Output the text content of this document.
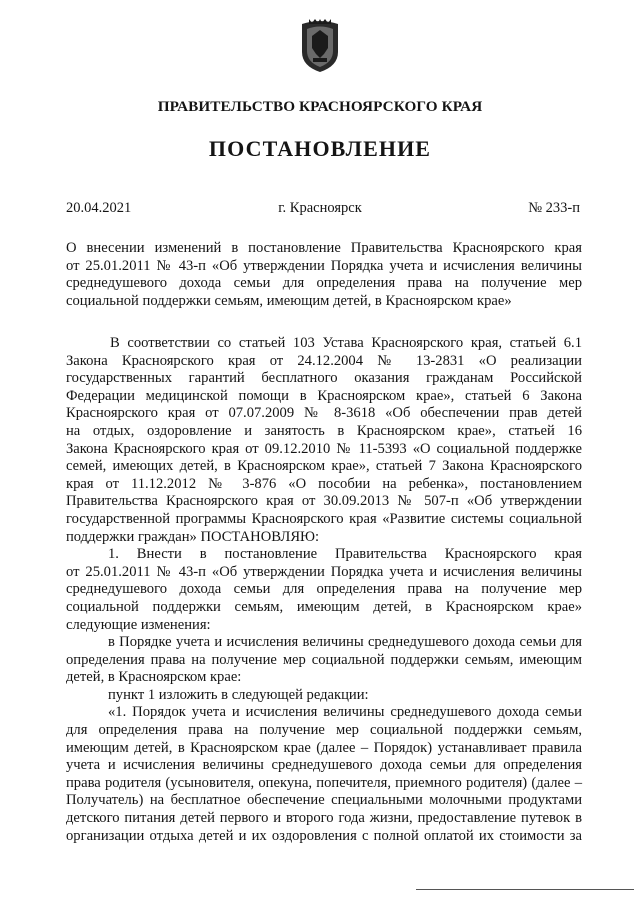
ПРАВИТЕЛЬСТВО КРАСНОЯРСКОГО КРАЯ
ПОСТАНОВЛЕНИЕ
20.04.2021	г. Красноярск	№ 233-п
О внесении изменений в постановление Правительства Красноярского края
от 25.01.2011 № 43-п «Об утверждении Порядка учета и исчисления величины
среднедушевого дохода семьи для определения права на получение мер
социальной поддержки семьям, имеющим детей, в Красноярском крае»
В соответствии со статьей 103 Устава Красноярского края, статьей 6.1
Закона Красноярского края от 24.12.2004 № 13-2831 «О реализации
государственных гарантий бесплатного оказания гражданам Российской
Федерации медицинской помощи в Красноярском крае», статьей 6 Закона
Красноярского края от 07.07.2009 № 8-3618 «Об обеспечении прав детей
на отдых, оздоровление и занятость в Красноярском крае», статьей 16
Закона Красноярского края от 09.12.2010 № 11-5393 «О социальной поддержке
семей, имеющих детей, в Красноярском крае», статьей 7 Закона Красноярского
края от 11.12.2012 № 3-876 «О пособии на ребенка», постановлением
Правительства Красноярского края от 30.09.2013 № 507-п «Об утверждении
государственной программы Красноярского края «Развитие системы социальной
поддержки граждан» ПОСТАНОВЛЯЮ:
1. Внести в постановление Правительства Красноярского края
от 25.01.2011 № 43-п «Об утверждении Порядка учета и исчисления величины
среднедушевого дохода семьи для определения права на получение мер
социальной поддержки семьям, имеющим детей, в Красноярском крае»
следующие изменения:
в Порядке учета и исчисления величины среднедушевого дохода семьи для
определения права на получение мер социальной поддержки семьям, имеющим
детей, в Красноярском крае:
пункт 1 изложить в следующей редакции:
«1. Порядок учета и исчисления величины среднедушевого дохода семьи
для определения права на получение мер социальной поддержки семьям,
имеющим детей, в Красноярском крае (далее – Порядок) устанавливает правила
учета и исчисления величины среднедушевого дохода семьи для определения
права родителя (усыновителя, опекуна, попечителя, приемного родителя) (далее –
Получатель) на бесплатное обеспечение специальными молочными продуктами
детского питания детей первого и второго года жизни, предоставление путевок в
организации отдыха детей и их оздоровления с полной оплатой их стоимости за
